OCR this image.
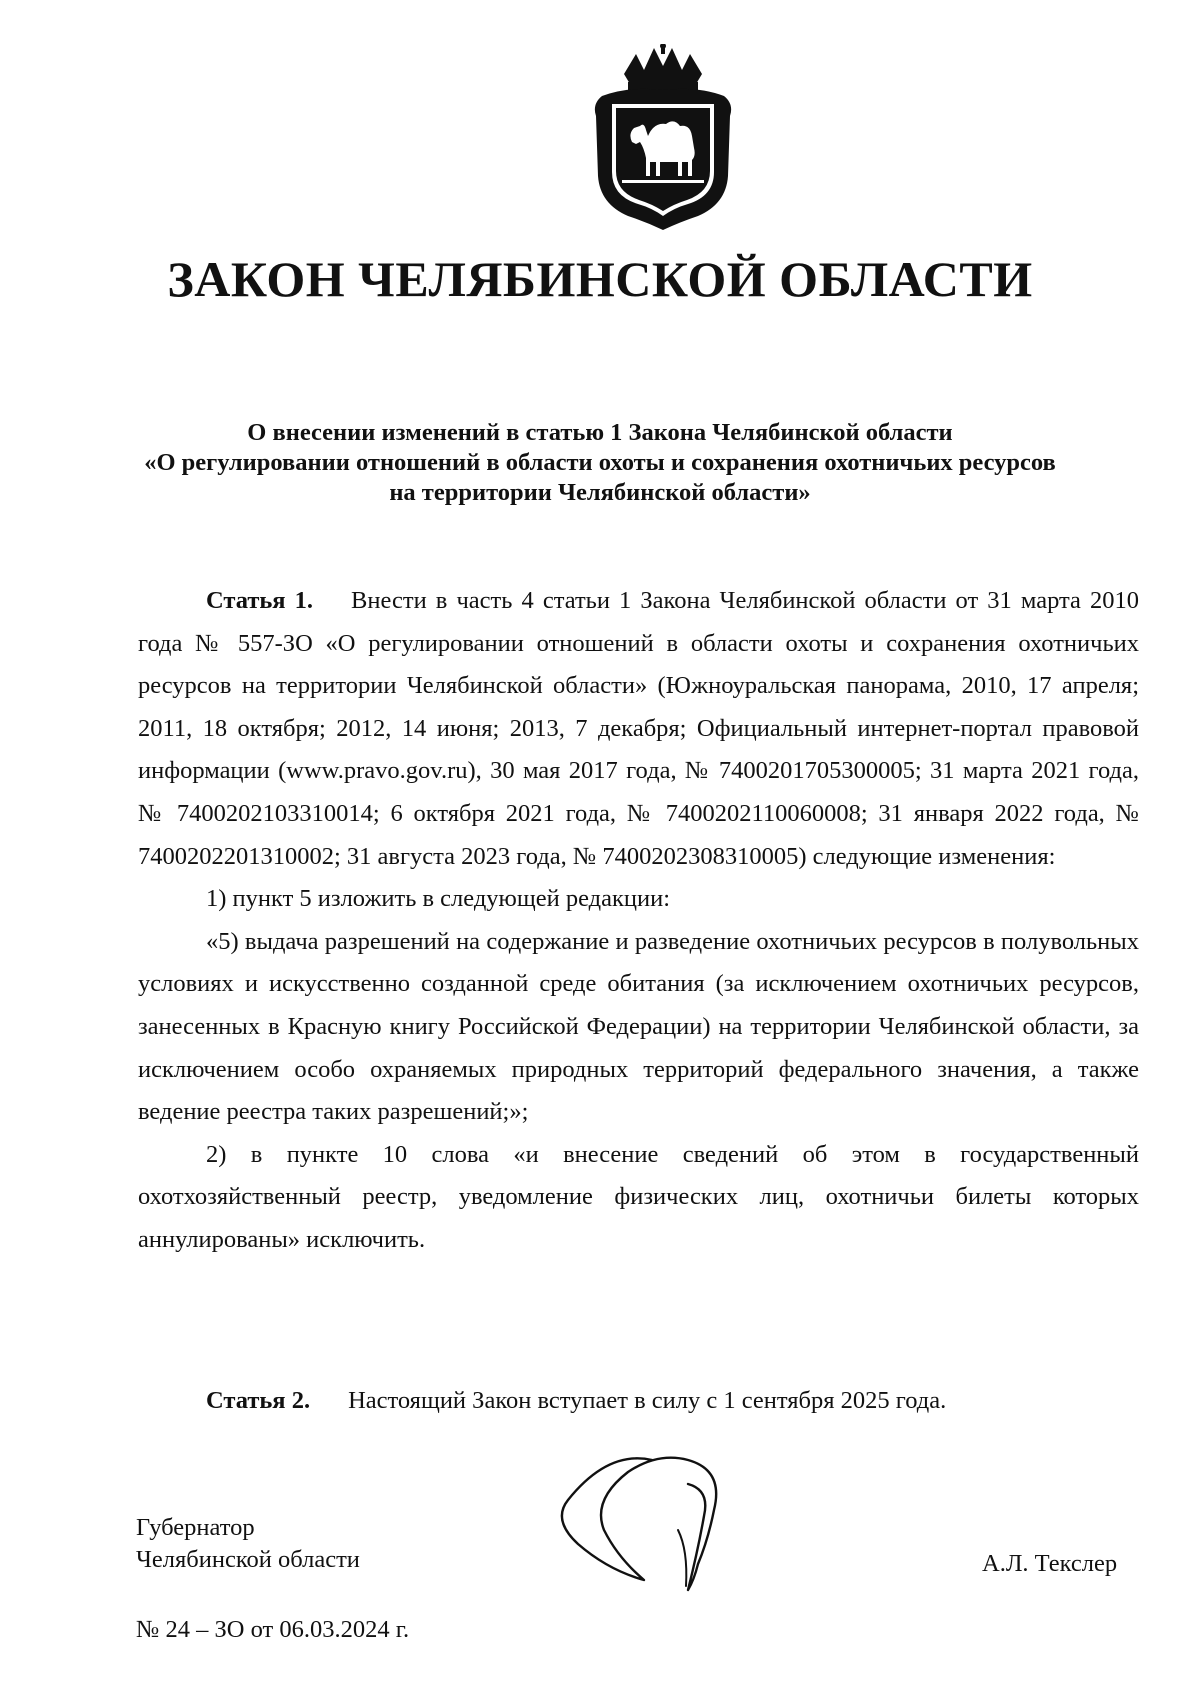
ЗАКОН ЧЕЛЯБИНСКОЙ ОБЛАСТИ
О внесении изменений в статью 1 Закона Челябинской области
«О регулировании отношений в области охоты и сохранения охотничьих ресурсов
на территории Челябинской области»

Статья 1. Внести в часть 4 статьи 1 Закона Челябинской области от 31 марта 2010 года № 557-ЗО «О регулировании отношений в области охоты и сохранения охотничьих ресурсов на территории Челябинской области» (Южноуральская панорама, 2010, 17 апреля; 2011, 18 октября; 2012, 14 июня; 2013, 7 декабря; Официальный интернет-портал правовой информации (www.pravo.gov.ru), 30 мая 2017 года, № 7400201705300005; 31 марта 2021 года, № 7400202103310014; 6 октября 2021 года, № 7400202110060008; 31 января 2022 года, № 7400202201310002; 31 августа 2023 года, № 7400202308310005) следующие изменения:

1) пункт 5 изложить в следующей редакции:

«5) выдача разрешений на содержание и разведение охотничьих ресурсов в полувольных условиях и искусственно созданной среде обитания (за исключением охотничьих ресурсов, занесенных в Красную книгу Российской Федерации) на территории Челябинской области, за исключением особо охраняемых природных территорий федерального значения, а также ведение реестра таких разрешений;»;

2) в пункте 10 слова «и внесение сведений об этом в государственный охотхозяйственный реестр, уведомление физических лиц, охотничьи билеты которых аннулированы» исключить.

Статья 2. Настоящий Закон вступает в силу с 1 сентября 2025 года.
Губернатор
Челябинской области	А.Л. Текслер
№ 24 – ЗО от 06.03.2024 г.
